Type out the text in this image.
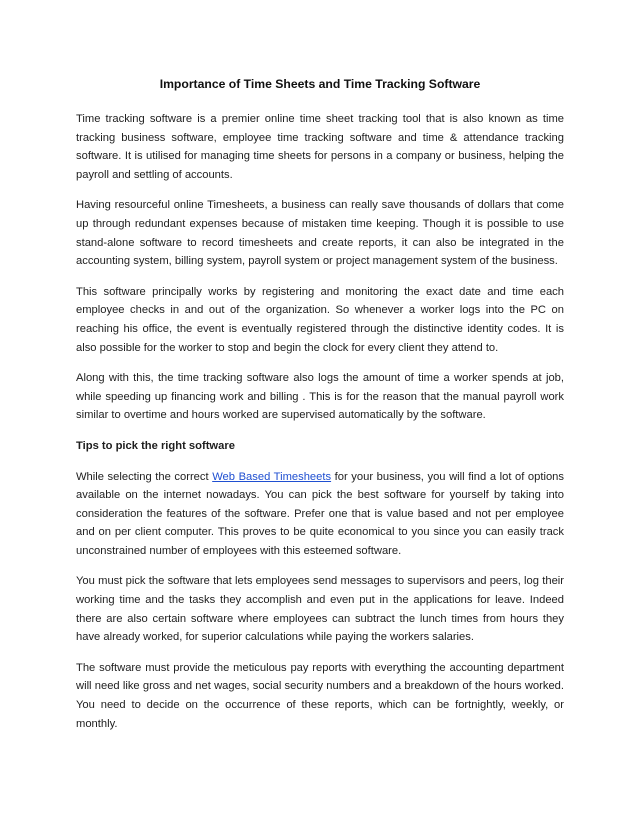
Importance of Time Sheets and Time Tracking Software

Time tracking software is a premier online time sheet tracking tool that is also known as time tracking business software, employee time tracking software and time & attendance tracking software. It is utilised for managing time sheets for persons in a company or business, helping the payroll and settling of accounts.

Having resourceful online Timesheets, a business can really save thousands of dollars that come up through redundant expenses because of mistaken time keeping. Though it is possible to use stand-alone software to record timesheets and create reports, it can also be integrated in the accounting system, billing system, payroll system or project management system of the business.

This software principally works by registering and monitoring the exact date and time each employee checks in and out of the organization. So whenever a worker logs into the PC on reaching his office, the event is eventually registered through the distinctive identity codes. It is also possible for the worker to stop and begin the clock for every client they attend to.

Along with this, the time tracking software also logs the amount of time a worker spends at job, while speeding up financing work and billing . This is for the reason that the manual payroll work similar to overtime and hours worked are supervised automatically by the software.

Tips to pick the right software

While selecting the correct Web Based Timesheets for your business, you will find a lot of options available on the internet nowadays. You can pick the best software for yourself by taking into consideration the features of the software. Prefer one that is value based and not per employee and on per client computer. This proves to be quite economical to you since you can easily track unconstrained number of employees with this esteemed software.

You must pick the software that lets employees send messages to supervisors and peers, log their working time and the tasks they accomplish and even put in the applications for leave. Indeed there are also certain software where employees can subtract the lunch times from hours they have already worked, for superior calculations while paying the workers salaries.

The software must provide the meticulous pay reports with everything the accounting department will need like gross and net wages, social security numbers and a breakdown of the hours worked. You need to decide on the occurrence of these reports, which can be fortnightly, weekly, or monthly.
